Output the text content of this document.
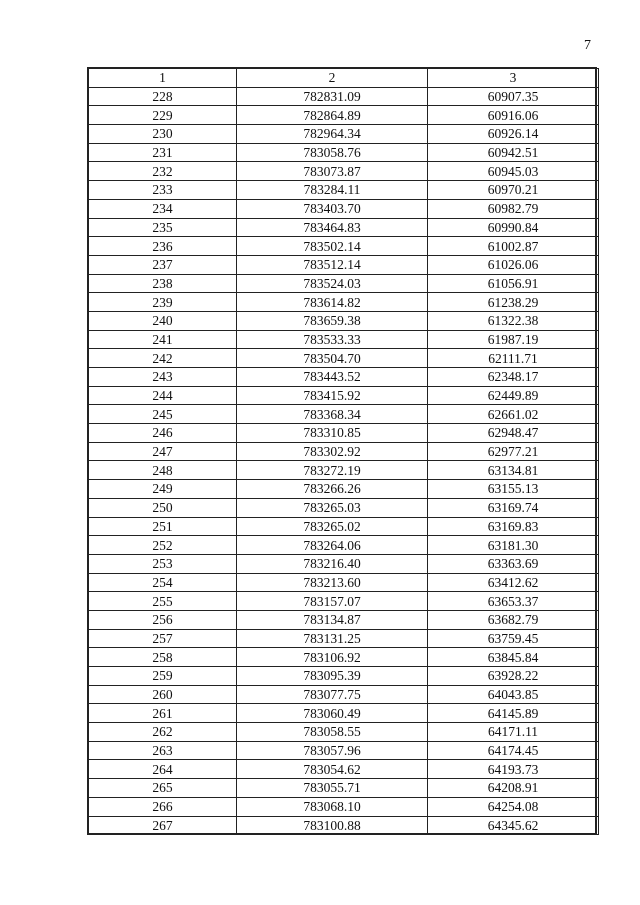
7
1	2	3
228	782831.09	60907.35
229	782864.89	60916.06
230	782964.34	60926.14
231	783058.76	60942.51
232	783073.87	60945.03
233	783284.11	60970.21
234	783403.70	60982.79
235	783464.83	60990.84
236	783502.14	61002.87
237	783512.14	61026.06
238	783524.03	61056.91
239	783614.82	61238.29
240	783659.38	61322.38
241	783533.33	61987.19
242	783504.70	62111.71
243	783443.52	62348.17
244	783415.92	62449.89
245	783368.34	62661.02
246	783310.85	62948.47
247	783302.92	62977.21
248	783272.19	63134.81
249	783266.26	63155.13
250	783265.03	63169.74
251	783265.02	63169.83
252	783264.06	63181.30
253	783216.40	63363.69
254	783213.60	63412.62
255	783157.07	63653.37
256	783134.87	63682.79
257	783131.25	63759.45
258	783106.92	63845.84
259	783095.39	63928.22
260	783077.75	64043.85
261	783060.49	64145.89
262	783058.55	64171.11
263	783057.96	64174.45
264	783054.62	64193.73
265	783055.71	64208.91
266	783068.10	64254.08
267	783100.88	64345.62
